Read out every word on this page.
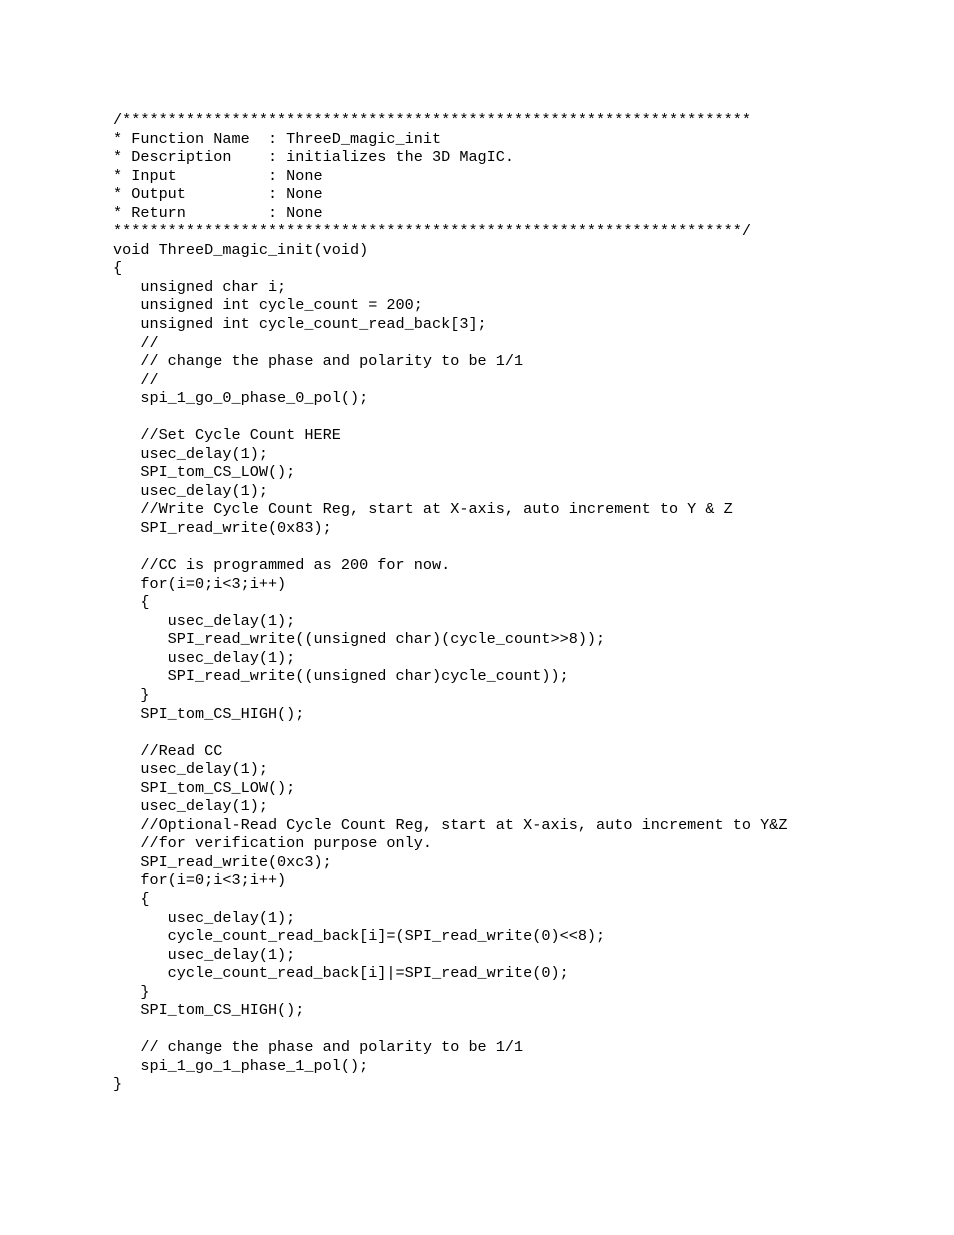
/*********************************************************************
* Function Name  : ThreeD_magic_init
* Description    : initializes the 3D MagIC.
* Input          : None
* Output         : None
* Return         : None
*********************************************************************/
void ThreeD_magic_init(void)
{
unsigned char i;
unsigned int cycle_count = 200;
unsigned int cycle_count_read_back[3];
//
// change the phase and polarity to be 1/1
//
spi_1_go_0_phase_0_pol();
//Set Cycle Count HERE
usec_delay(1);
SPI_tom_CS_LOW();
usec_delay(1);
//Write Cycle Count Reg, start at X-axis, auto increment to Y & Z
SPI_read_write(0x83);
//CC is programmed as 200 for now.
for(i=0;i<3;i++)
{
usec_delay(1);
SPI_read_write((unsigned char)(cycle_count>>8));
usec_delay(1);
SPI_read_write((unsigned char)cycle_count));
}
SPI_tom_CS_HIGH();
//Read CC
usec_delay(1);
SPI_tom_CS_LOW();
usec_delay(1);
//Optional-Read Cycle Count Reg, start at X-axis, auto increment to Y&Z
//for verification purpose only.
SPI_read_write(0xc3);
for(i=0;i<3;i++)
{
usec_delay(1);
cycle_count_read_back[i]=(SPI_read_write(0)<<8);
usec_delay(1);
cycle_count_read_back[i]|=SPI_read_write(0);
}
SPI_tom_CS_HIGH();
// change the phase and polarity to be 1/1
spi_1_go_1_phase_1_pol();
}
